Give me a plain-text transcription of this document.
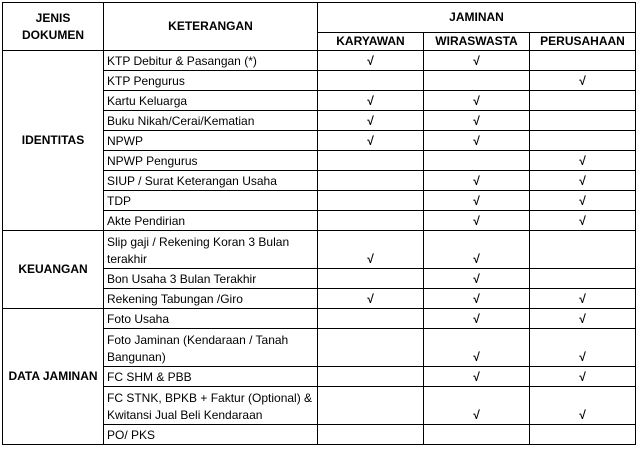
JENIS DOKUMEN	KETERANGAN	JAMINAN		
		KARYAWAN	WIRASWASTA	PERUSAHAAN
IDENTITAS	KTP Debitur & Pasangan (*)	√	√	
	KTP Pengurus			√
	Kartu Keluarga	√	√	
	Buku Nikah/Cerai/Kematian	√	√	
	NPWP	√	√	
	NPWP Pengurus			√
	SIUP / Surat Keterangan Usaha		√	√
	TDP		√	√
	Akte Pendirian		√	√
KEUANGAN	Slip gaji / Rekening Koran 3 Bulan terakhir	√	√	
	Bon Usaha 3 Bulan Terakhir		√	
	Rekening Tabungan /Giro	√	√	√
DATA JAMINAN	Foto Usaha		√	√
	Foto Jaminan (Kendaraan / Tanah Bangunan)		√	√
	FC SHM & PBB		√	√
	FC STNK, BPKB + Faktur (Optional) & Kwitansi Jual Beli Kendaraan		√	√
	PO/ PKS			
